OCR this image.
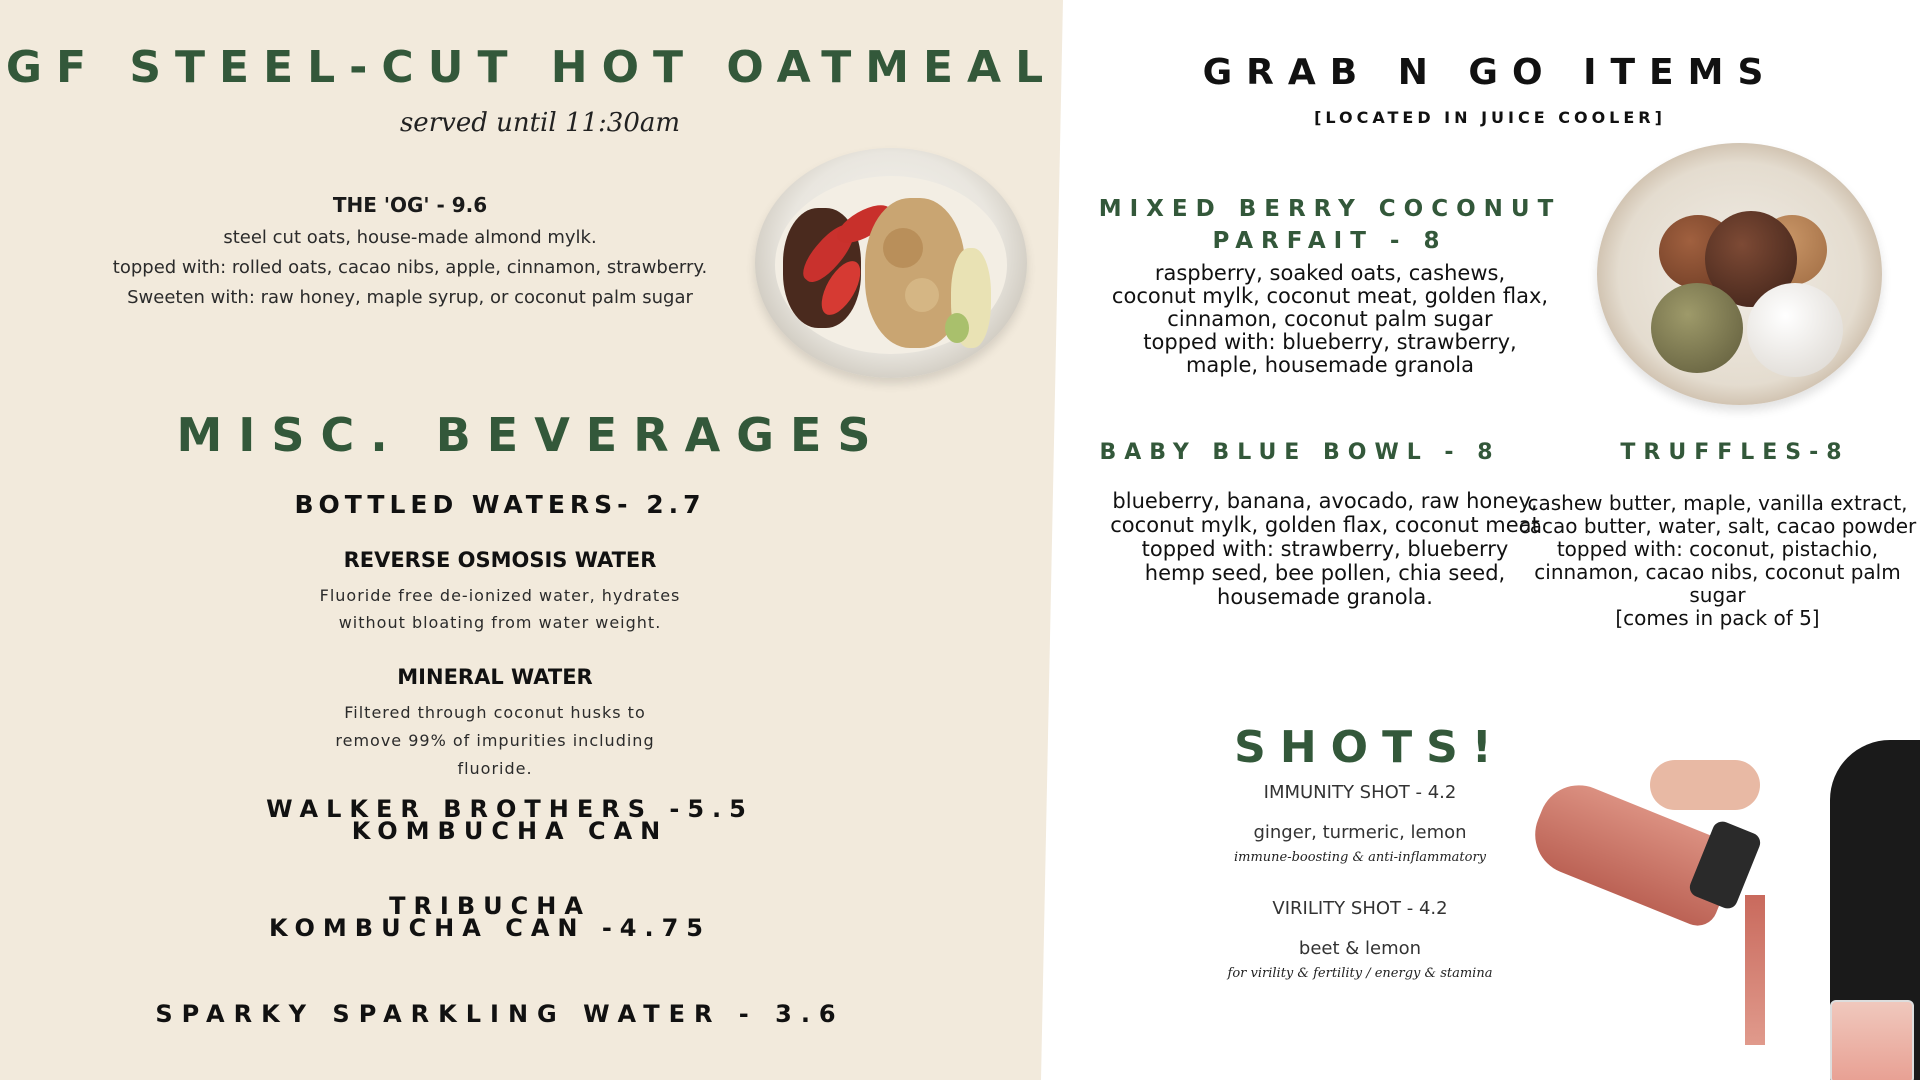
GF STEEL-CUT HOT OATMEAL
served until 11:30am
THE 'OG' - 9.6
steel cut oats, house-made almond mylk.
topped with: rolled oats, cacao nibs, apple, cinnamon, strawberry.
Sweeten with: raw honey, maple syrup, or coconut palm sugar
MISC. BEVERAGES
BOTTLED WATERS- 2.7
REVERSE OSMOSIS WATER
Fluoride free de-ionized water, hydrates
without bloating from water weight.
MINERAL WATER
Filtered through coconut husks to
remove 99% of impurities including
fluoride.
WALKER BROTHERS -5.5
KOMBUCHA CAN
TRIBUCHA
KOMBUCHA CAN -4.75
SPARKY SPARKLING WATER - 3.6
GRAB N GO ITEMS
[LOCATED IN JUICE COOLER]
MIXED BERRY COCONUT
PARFAIT - 8
raspberry, soaked oats, cashews,
coconut mylk, coconut meat, golden flax,
cinnamon, coconut palm sugar
topped with: blueberry, strawberry,
maple, housemade granola
BABY BLUE BOWL - 8
blueberry, banana, avocado, raw honey,
coconut mylk, golden flax, coconut meat
topped with: strawberry, blueberry
hemp seed, bee pollen, chia seed,
housemade granola.
TRUFFLES-8
cashew butter, maple, vanilla extract,
cacao butter, water, salt, cacao powder
topped with: coconut, pistachio,
cinnamon, cacao nibs, coconut palm
sugar
[comes in pack of 5]
SHOTS!
IMMUNITY SHOT - 4.2
ginger, turmeric, lemon
immune-boosting & anti-inflammatory
VIRILITY SHOT - 4.2
beet & lemon
for virility & fertility / energy & stamina
